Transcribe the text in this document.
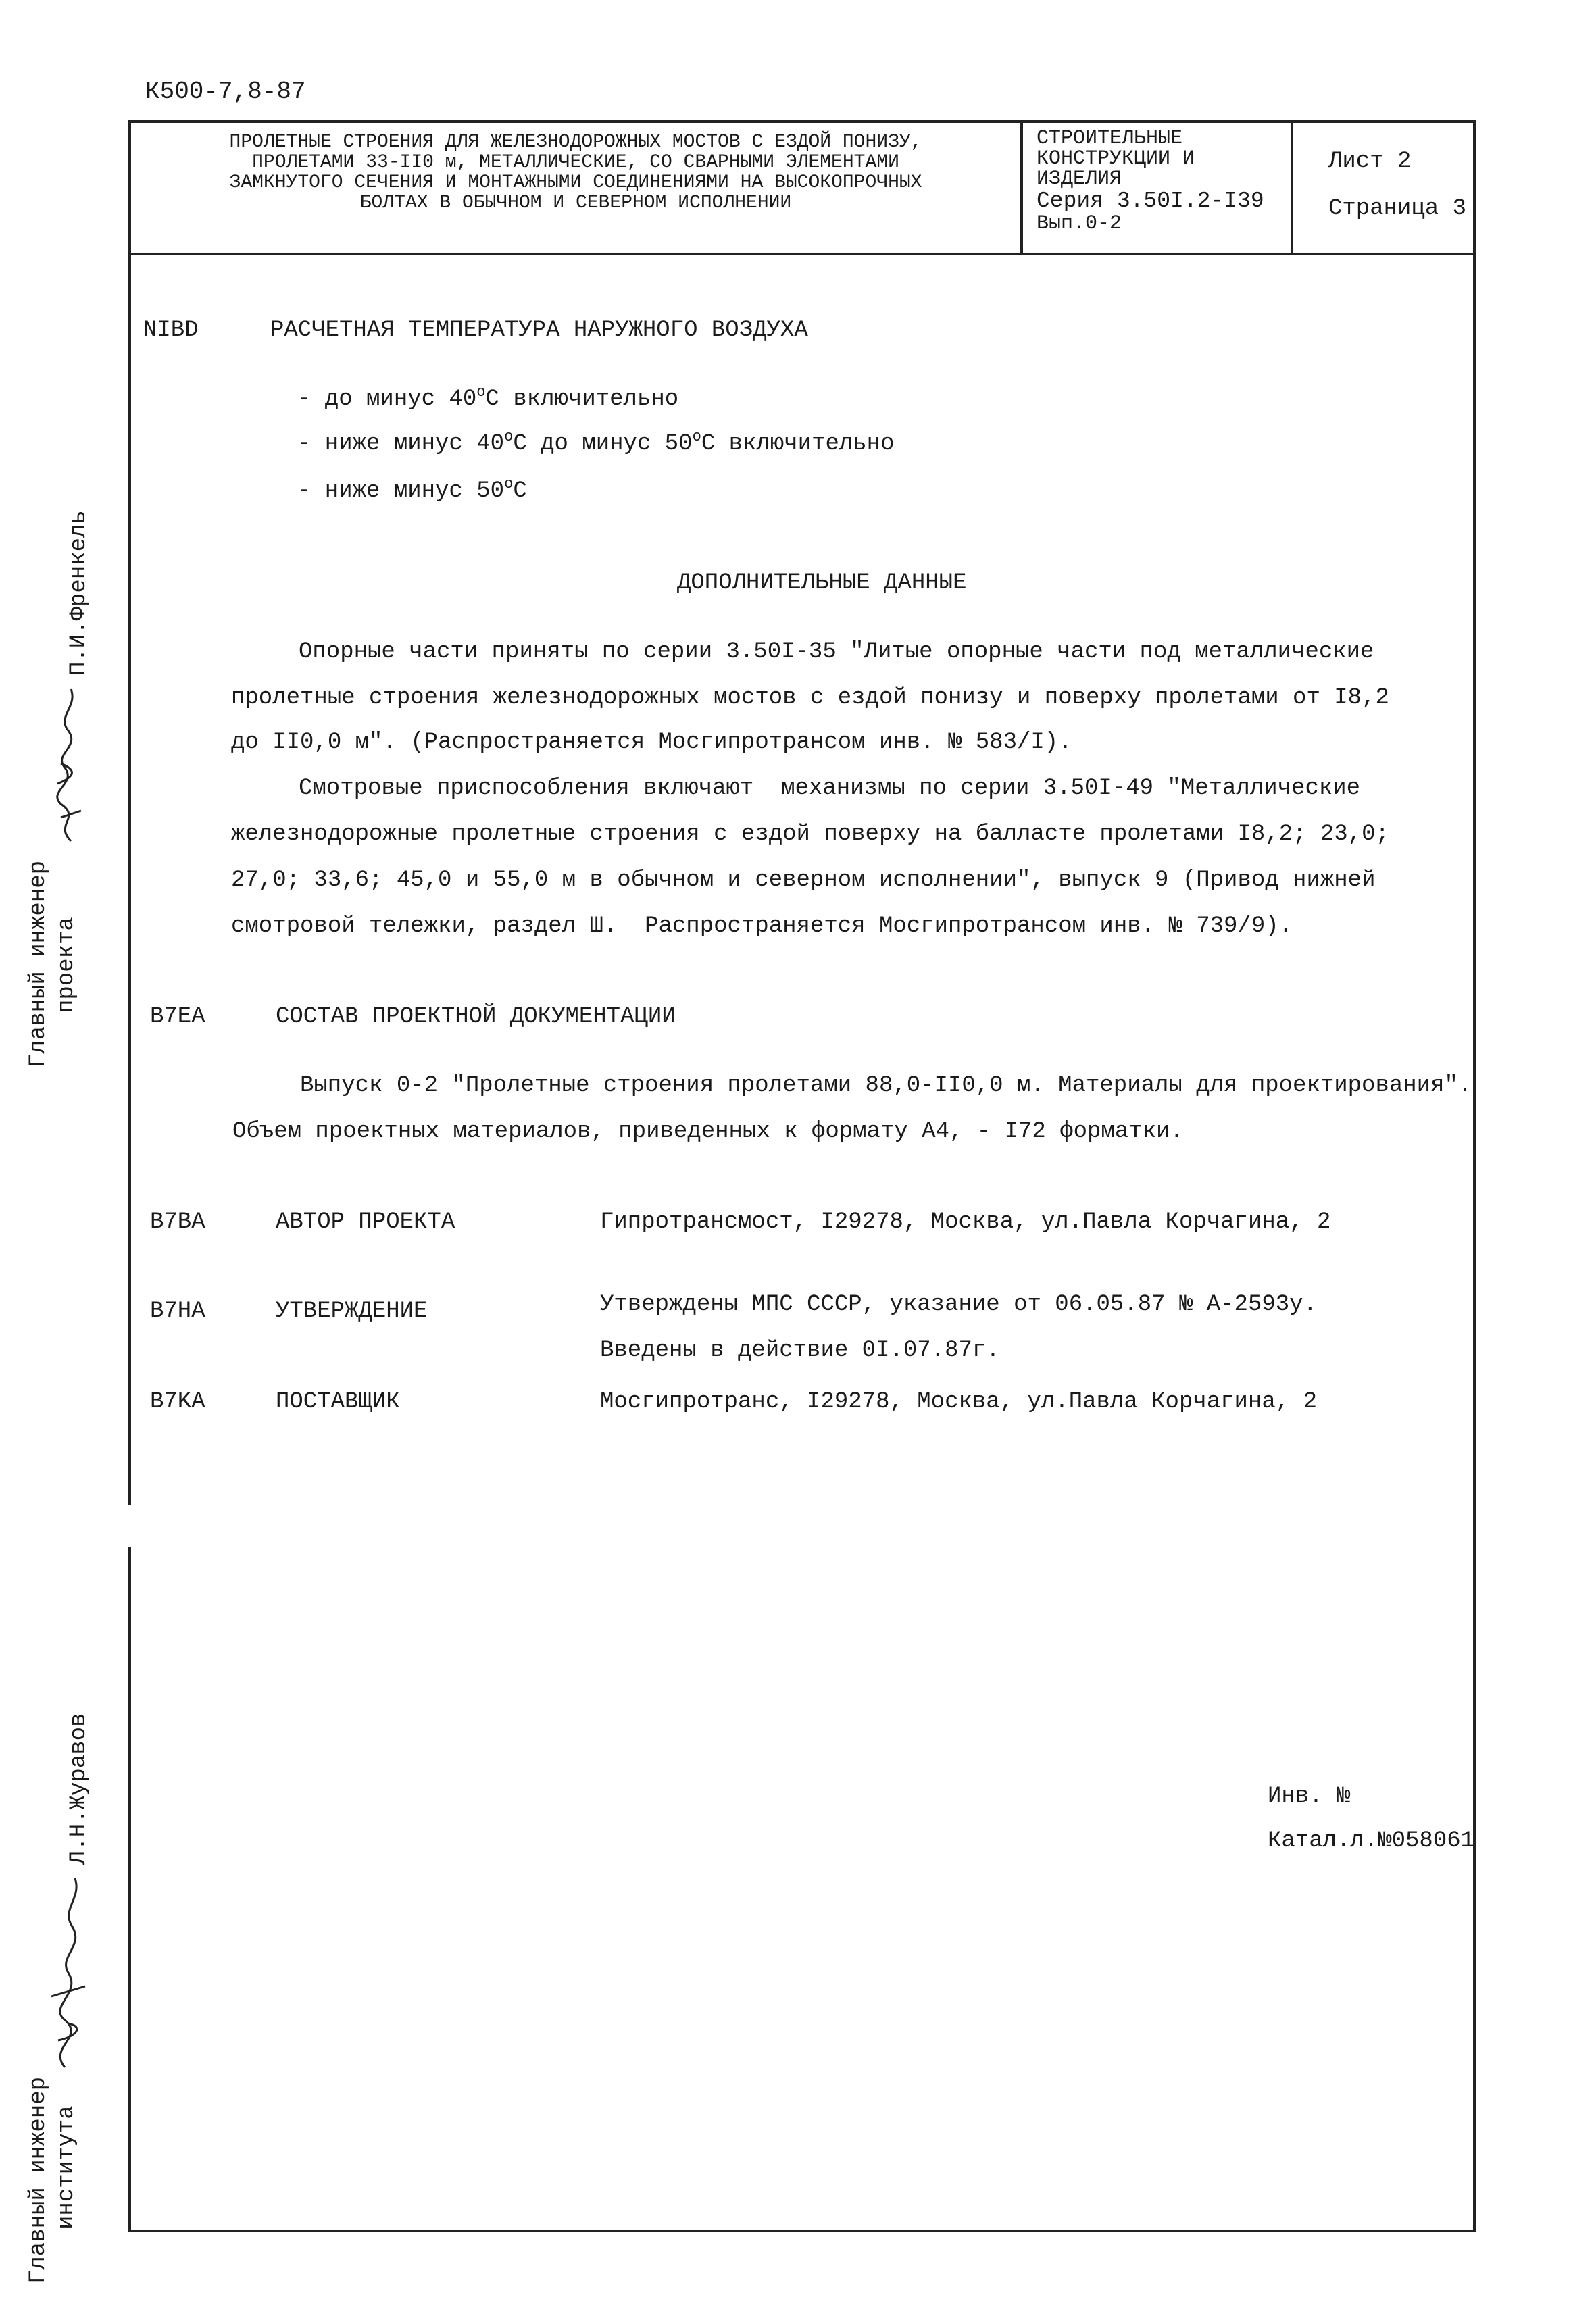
К500-7,8-87
ПРОЛЕТНЫЕ СТРОЕНИЯ ДЛЯ ЖЕЛЕЗНОДОРОЖНЫХ МОСТОВ С ЕЗДОЙ ПОНИЗУ,
ПРОЛЕТАМИ 33-II0 м, МЕТАЛЛИЧЕСКИЕ, СО СВАРНЫМИ ЭЛЕМЕНТАМИ
ЗАМКНУТОГО СЕЧЕНИЯ И МОНТАЖНЫМИ СОЕДИНЕНИЯМИ НА ВЫСОКОПРОЧНЫХ
БОЛТАХ В ОБЫЧНОМ И СЕВЕРНОМ ИСПОЛНЕНИИ
СТРОИТЕЛЬНЫЕ
КОНСТРУКЦИИ И
ИЗДЕЛИЯ
Серия 3.50I.2-I39
Вып.0-2
Лист 2
Страница 3
Главный инженер проекта
П.И.Френкель
Главный инженер института
Л.Н.Журавов
NIBD	РАСЧЕТНАЯ ТЕМПЕРАТУРА НАРУЖНОГО ВОЗДУХА
- до минус $40^оС$ включительно
- ниже минус $40^оС$ до минус $50^оС$ включительно
- ниже минус $50^оС$
ДОПОЛНИТЕЛЬНЫЕ ДАННЫЕ
Опорные части приняты по серии 3.50I-35 "Литые опорные части под металлические
пролетные строения железнодорожных мостов с ездой понизу и поверху пролетами от I8,2
до II0,0 м". (Распространяется Мосгипротрансом инв. № 583/I).
Смотровые приспособления включают  механизмы по серии 3.50I-49 "Металлические
железнодорожные пролетные строения с ездой поверху на балласте пролетами I8,2; 23,0;
27,0; 33,6; 45,0 и 55,0 м в обычном и северном исполнении", выпуск 9 (Привод нижней
смотровой тележки, раздел Ш.  Распространяется Мосгипротрансом инв. № 739/9).
B7EA	СОСТАВ ПРОЕКТНОЙ ДОКУМЕНТАЦИИ
Выпуск 0-2 "Пролетные строения пролетами 88,0-II0,0 м. Материалы для проектирования".
Объем проектных материалов, приведенных к формату А4, - I72 форматки.
B7BA	АВТОР ПРОЕКТА	Гипротрансмост, I29278, Москва, ул.Павла Корчагина, 2
B7HA	УТВЕРЖДЕНИЕ	Утверждены МПС СССР, указание от 06.05.87 № А-2593у.
Введены в действие 0I.07.87г.
B7KA	ПОСТАВЩИК	Мосгипротранс, I29278, Москва, ул.Павла Корчагина, 2
Инв. №
Катал.л.№058061
